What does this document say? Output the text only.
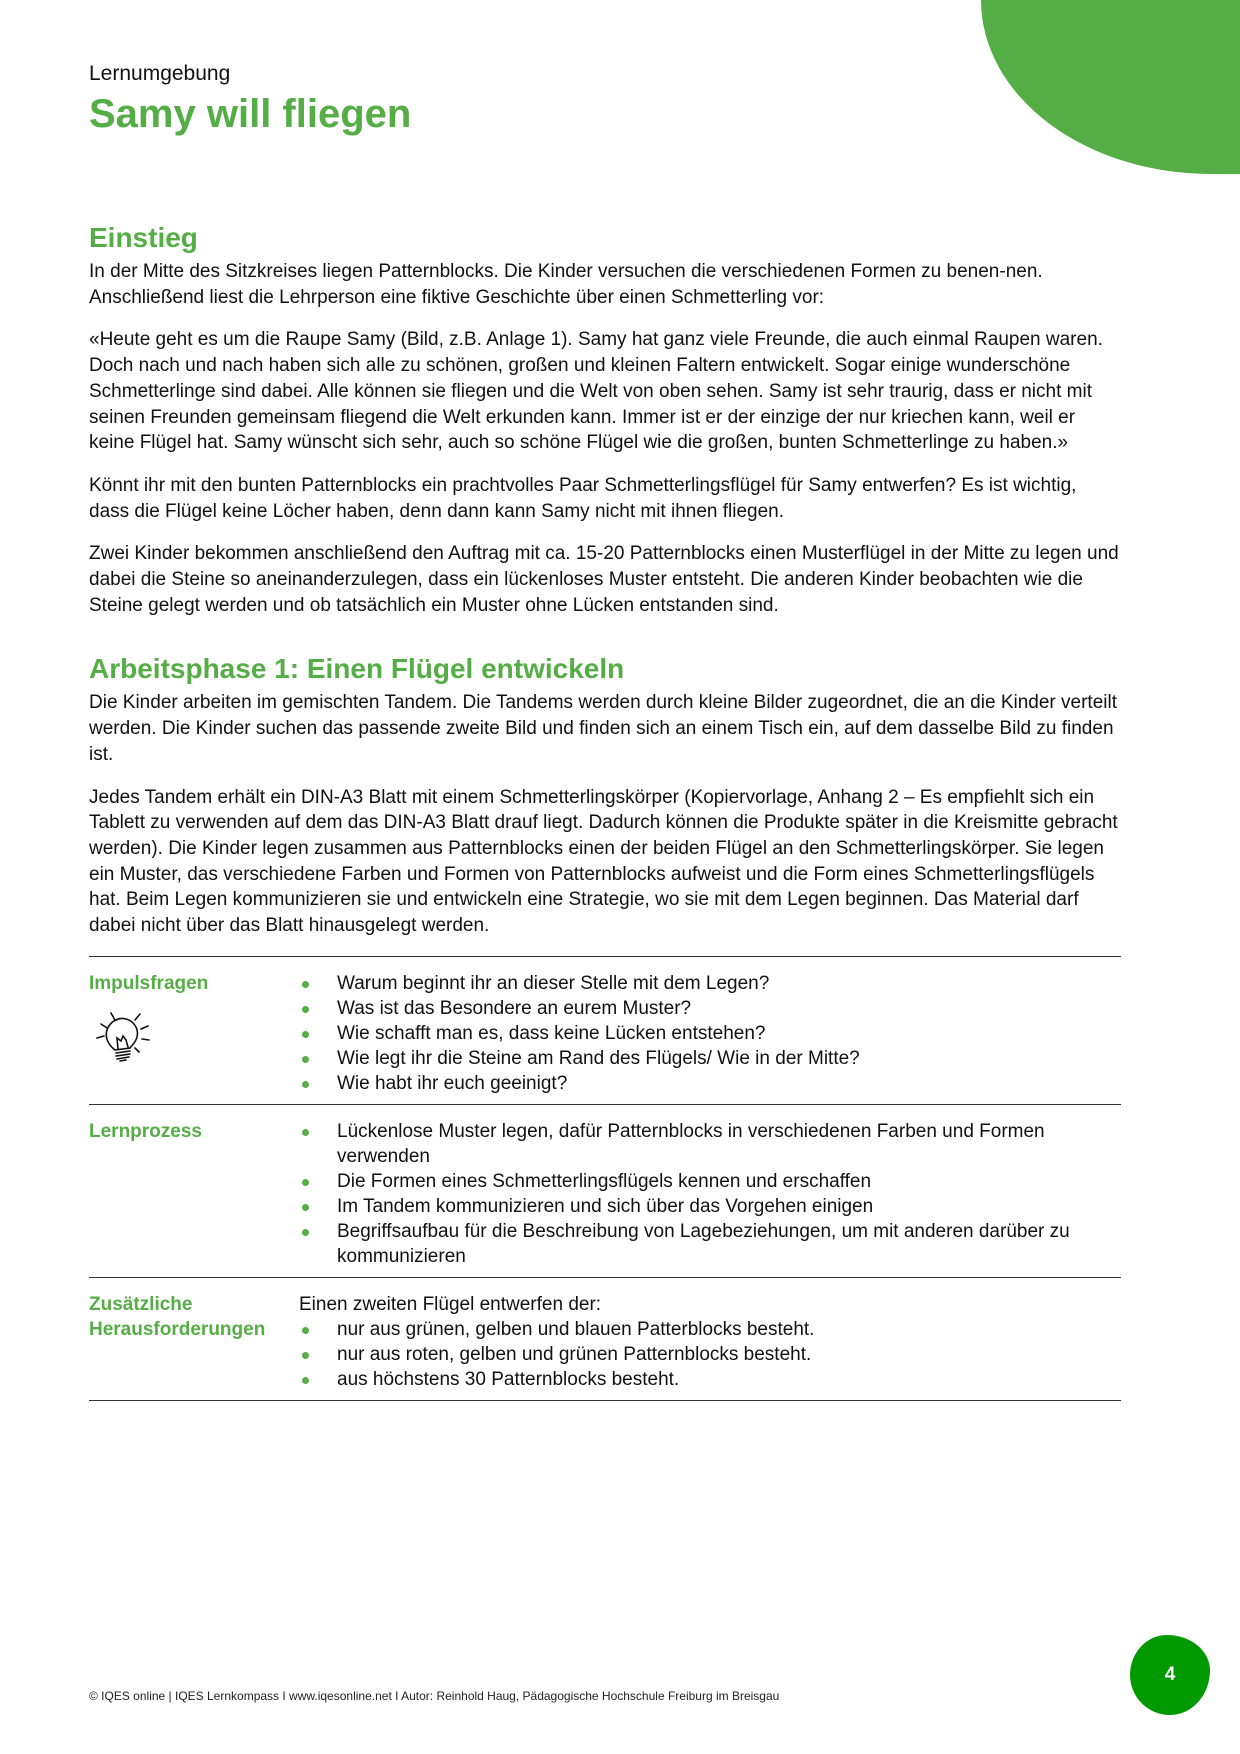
Lernumgebung
Samy will fliegen
Einstieg

In der Mitte des Sitzkreises liegen Patternblocks. Die Kinder versuchen die verschiedenen Formen zu benen-nen. Anschließend liest die Lehrperson eine fiktive Geschichte über einen Schmetterling vor:

«Heute geht es um die Raupe Samy (Bild, z.B. Anlage 1). Samy hat ganz viele Freunde, die auch einmal Raupen waren. Doch nach und nach haben sich alle zu schönen, großen und kleinen Faltern entwickelt. Sogar einige wunderschöne Schmetterlinge sind dabei. Alle können sie fliegen und die Welt von oben sehen. Samy ist sehr traurig, dass er nicht mit seinen Freunden gemeinsam fliegend die Welt erkunden kann. Immer ist er der einzige der nur kriechen kann, weil er keine Flügel hat. Samy wünscht sich sehr, auch so schöne Flügel wie die großen, bunten Schmetterlinge zu haben.»

Könnt ihr mit den bunten Patternblocks ein prachtvolles Paar Schmetterlingsflügel für Samy entwerfen? Es ist wichtig, dass die Flügel keine Löcher haben, denn dann kann Samy nicht mit ihnen fliegen.

Zwei Kinder bekommen anschließend den Auftrag mit ca. 15-20 Patternblocks einen Musterflügel in der Mitte zu legen und dabei die Steine so aneinanderzulegen, dass ein lückenloses Muster entsteht. Die anderen Kinder beobachten wie die Steine gelegt werden und ob tatsächlich ein Muster ohne Lücken entstanden sind.

Arbeitsphase 1: Einen Flügel entwickeln

Die Kinder arbeiten im gemischten Tandem. Die Tandems werden durch kleine Bilder zugeordnet, die an die Kinder verteilt werden. Die Kinder suchen das passende zweite Bild und finden sich an einem Tisch ein, auf dem dasselbe Bild zu finden ist.

Jedes Tandem erhält ein DIN-A3 Blatt mit einem Schmetterlingskörper (Kopiervorlage, Anhang 2 – Es empfiehlt sich ein Tablett zu verwenden auf dem das DIN-A3 Blatt drauf liegt. Dadurch können die Produkte später in die Kreismitte gebracht werden). Die Kinder legen zusammen aus Patternblocks einen der beiden Flügel an den Schmetterlingskörper. Sie legen ein Muster, das verschiedene Farben und Formen von Patternblocks aufweist und die Form eines Schmetterlingsflügels hat. Beim Legen kommunizieren sie und entwickeln eine Strategie, wo sie mit dem Legen beginnen. Das Material darf dabei nicht über das Blatt hinausgelegt werden.

Impulsfragen	Warum beginnt ihr an dieser Stelle mit dem Legen?
Was ist das Besondere an eurem Muster?
Wie schafft man es, dass keine Lücken entstehen?
Wie legt ihr die Steine am Rand des Flügels/ Wie in der Mitte?
Wie habt ihr euch geeinigt?

Lernprozess	Lückenlose Muster legen, dafür Patternblocks in verschiedenen Farben und Formen verwenden
Die Formen eines Schmetterlingsflügels kennen und erschaffen
Im Tandem kommunizieren und sich über das Vorgehen einigen
Begriffsaufbau für die Beschreibung von Lagebeziehungen, um mit anderen darüber zu kommunizieren

Zusätzliche
Herausforderungen

Einen zweiten Flügel entwerfen der:
nur aus grünen, gelben und blauen Patterblocks besteht.
nur aus roten, gelben und grünen Patternblocks besteht.
aus höchstens 30 Patternblocks besteht.
4
© IQES online | IQES Lernkompass I www.iqesonline.net I Autor: Reinhold Haug, Pädagogische Hochschule Freiburg im Breisgau
